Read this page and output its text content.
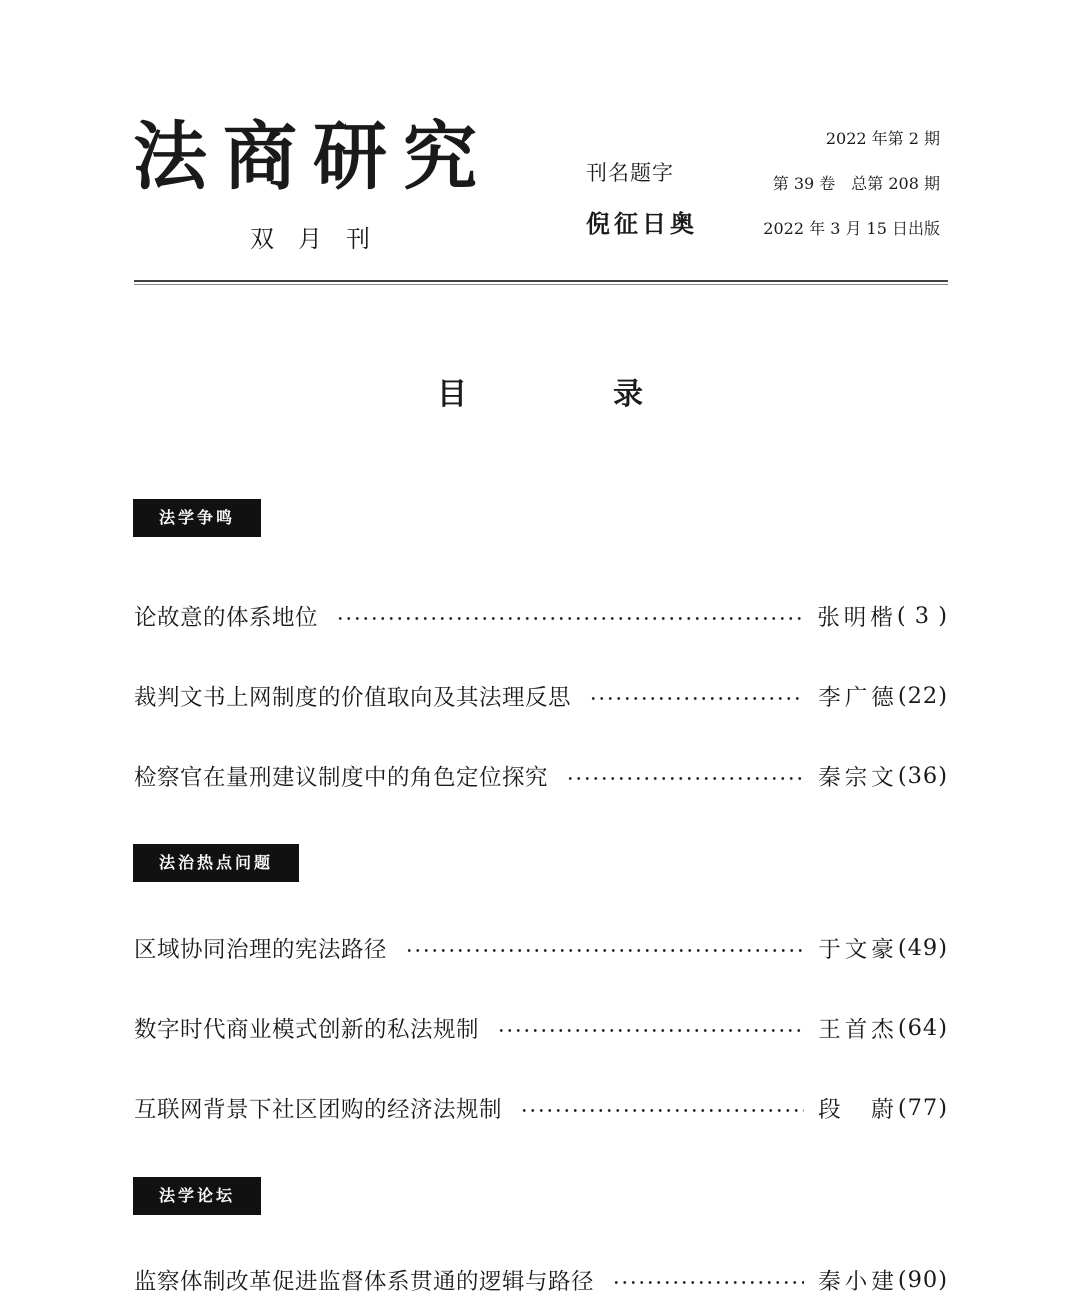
法商研究
双月刊
刊名题字
倪征日奥
2022 年第 2 期
第 39 卷　总第 208 期
2022 年 3 月 15 日出版
目　录
法学争鸣
论故意的体系地位	张明楷 ( 3 )
裁判文书上网制度的价值取向及其法理反思	李广德 (22)
检察官在量刑建议制度中的角色定位探究	秦宗文 (36)
法治热点问题
区域协同治理的宪法路径	于文豪 (49)
数字时代商业模式创新的私法规制	王首杰 (64)
互联网背景下社区团购的经济法规制	段　蔚 (77)
法学论坛
监察体制改革促进监督体系贯通的逻辑与路径	秦小建 (90)
